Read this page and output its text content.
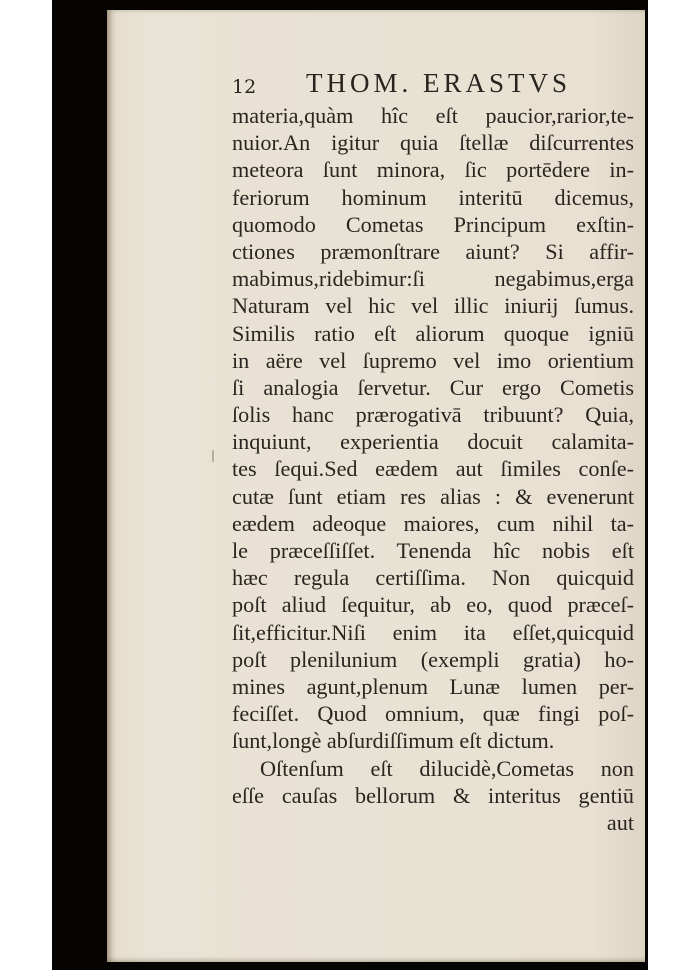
12 THOM. ERASTVS
materia,quàm hîc eſt paucior,rarior,te-
nuior.An igitur quia ſtellæ diſcurrentes
meteora ſunt minora, ſic portēdere in-
feriorum hominum interitū dicemus,
quomodo Cometas Principum exſtin-
ctiones præmonſtrare aiunt? Si affir-
mabimus,ridebimur:ſi negabimus,erga
Naturam vel hic vel illic iniurij ſumus.
Similis ratio eſt aliorum quoque igniū
in aëre vel ſupremo vel imo orientium
ſi analogia ſervetur. Cur ergo Cometis
ſolis hanc prærogativā tribuunt? Quia,
inquiunt, experientia docuit calamita-
tes ſequi.Sed eædem aut ſimiles conſe-
cutæ ſunt etiam res alias : & evenerunt
eædem adeoque maiores, cum nihil ta-
le præceſſiſſet. Tenenda hîc nobis eſt
hæc regula certiſſima. Non quicquid
poſt aliud ſequitur, ab eo, quod præceſ-
ſit,efficitur.Niſi enim ita eſſet,quicquid
poſt plenilunium (exempli gratia) ho-
mines agunt,plenum Lunæ lumen per-
feciſſet. Quod omnium, quæ fingi poſ-
ſunt,longè abſurdiſſimum eſt dictum.
Oſtenſum eſt dilucidè,Cometas non
eſſe cauſas bellorum & interitus gentiū
aut
